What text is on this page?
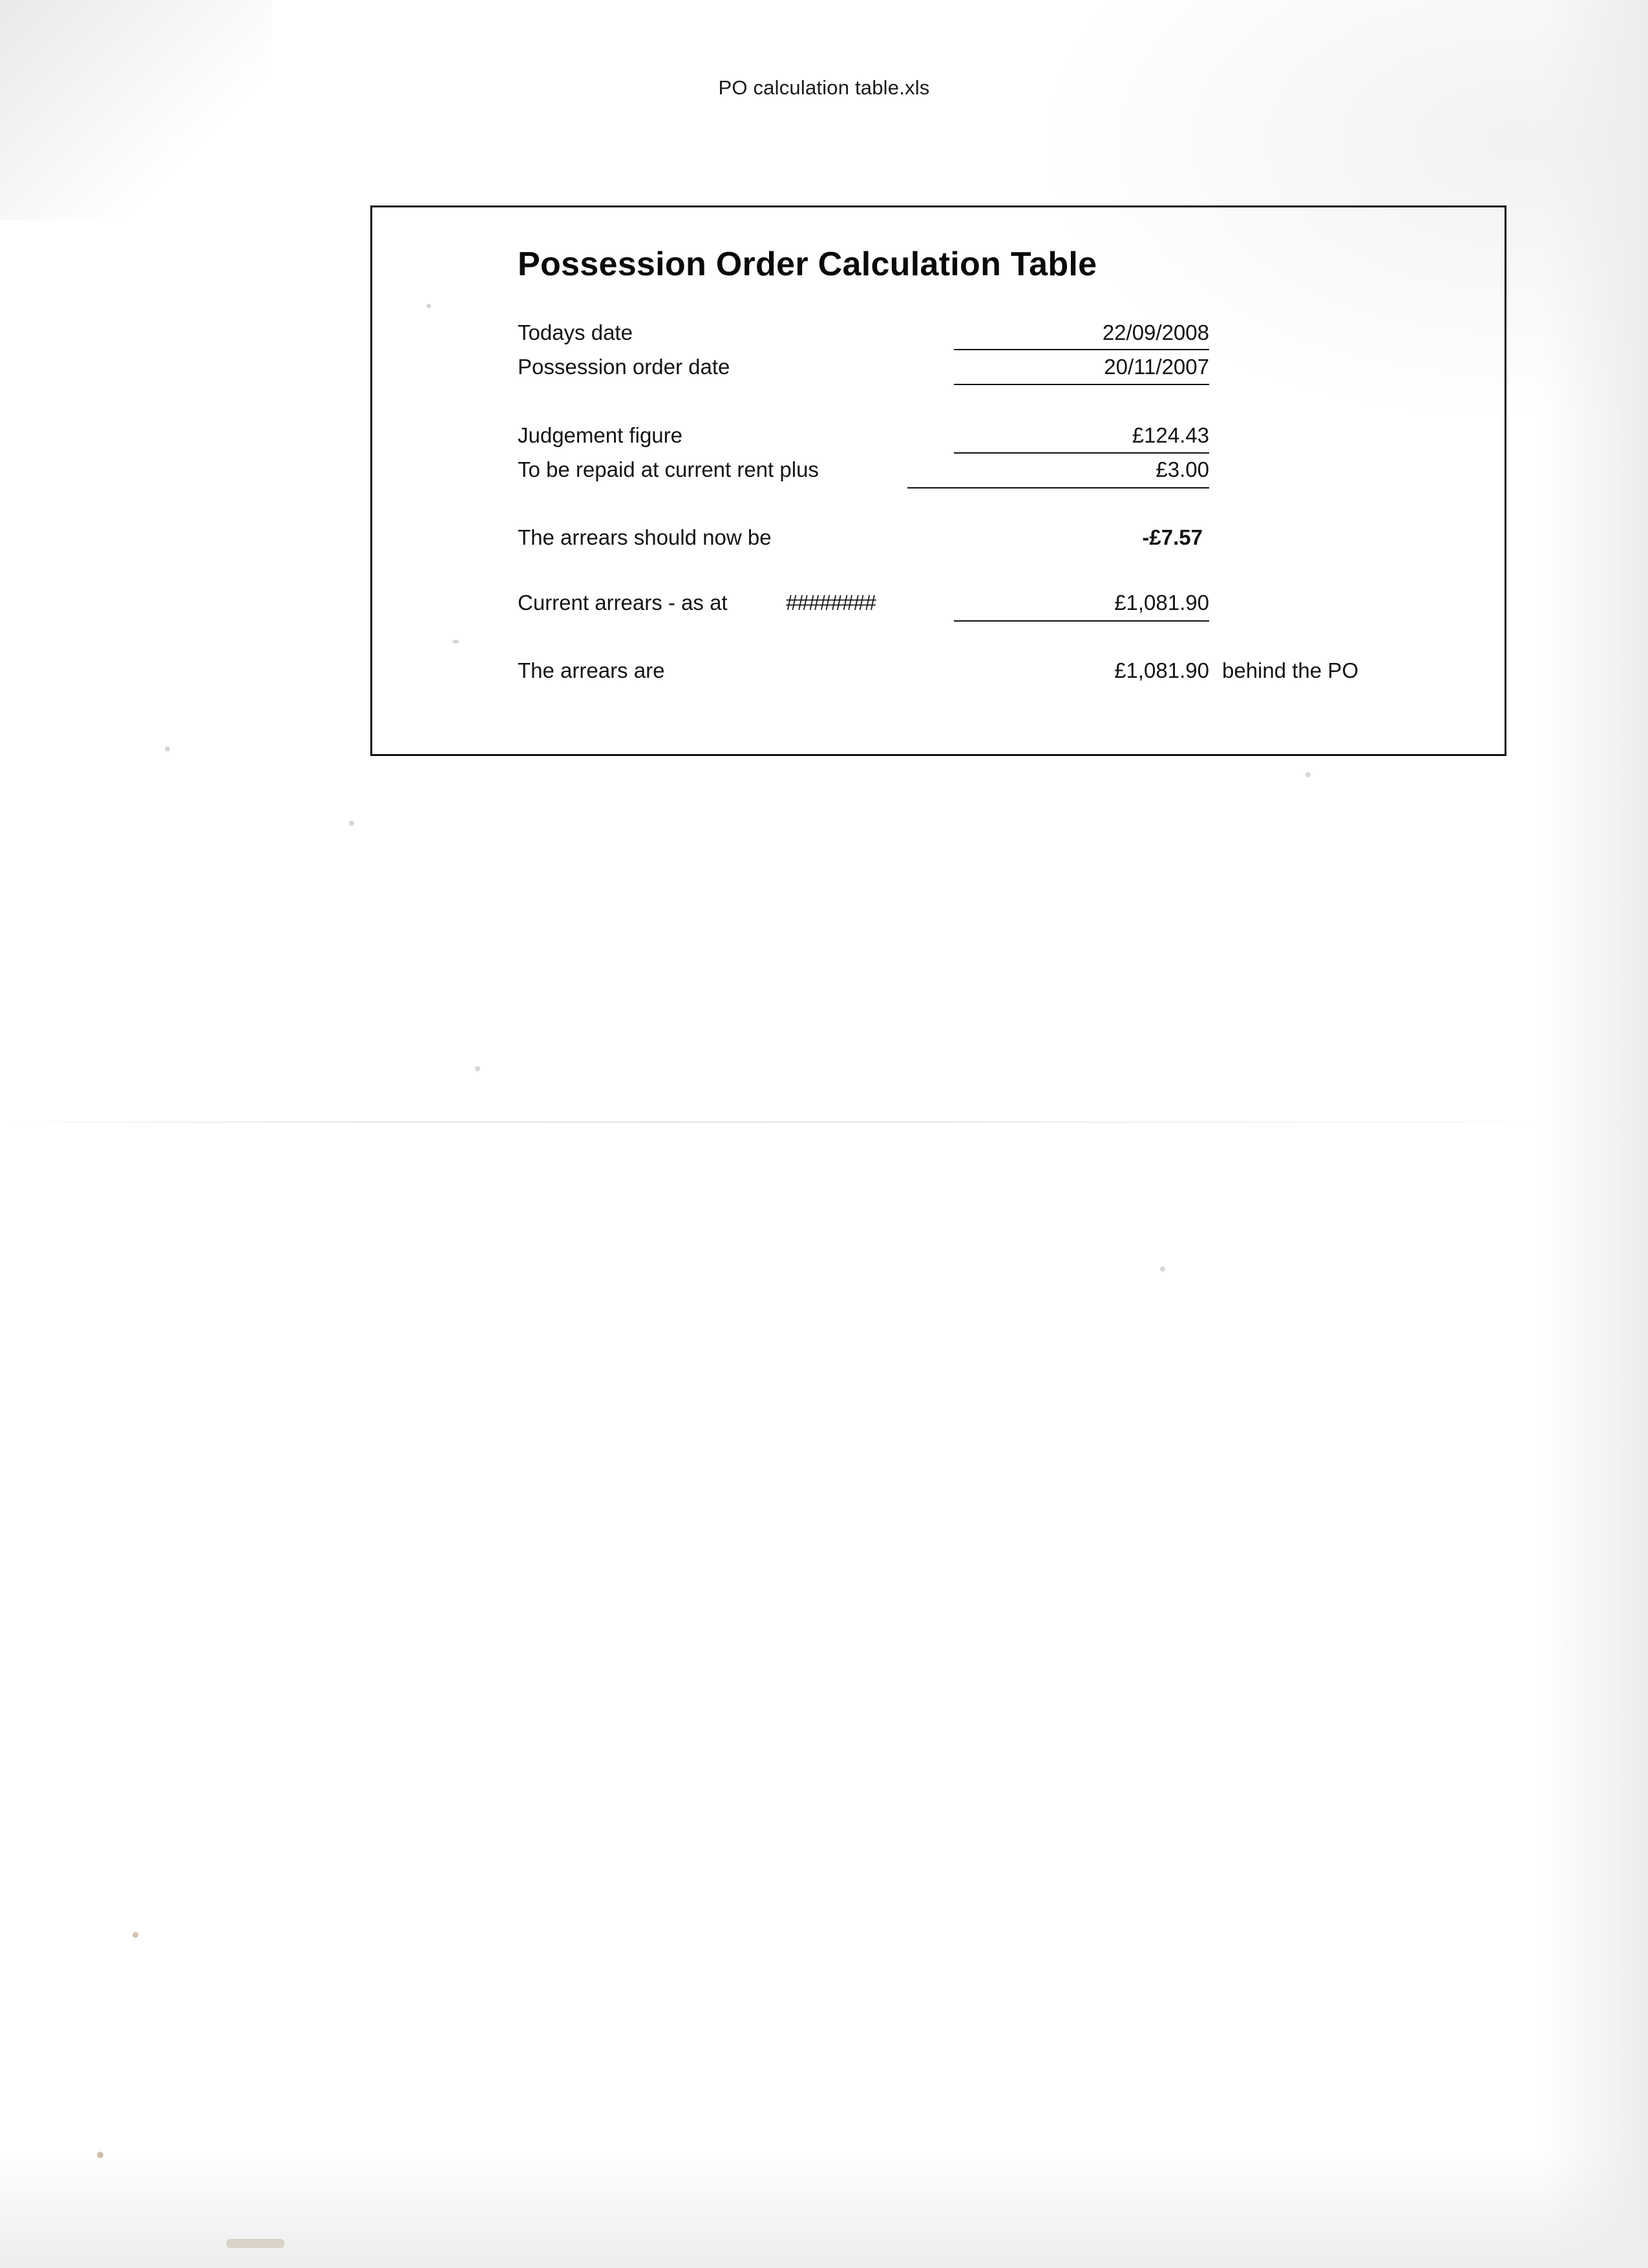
PO calculation table.xls
Possession Order Calculation Table
Todays date	22/09/2008
Possession order date	20/11/2007
Judgement figure	£124.43
To be repaid at current rent plus	£3.00
The arrears should now be	-£7.57
Current arrears - as at	########	£1,081.90
The arrears are	£1,081.90 behind the PO
